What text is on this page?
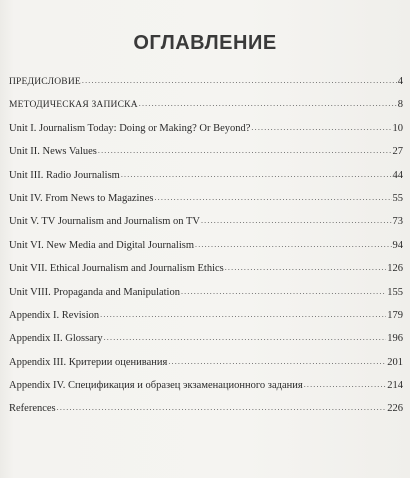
ОГЛАВЛЕНИЕ
ПРЕДИСЛОВИЕ .....	4
МЕТОДИЧЕСКАЯ ЗАПИСКА .....	8
Unit I. Journalism Today: Doing or Making? Or Beyond? .....	10
Unit II. News Values .....	27
Unit III. Radio Journalism .....	44
Unit IV. From News to Magazines .....	55
Unit V. TV Journalism and Journalism on TV .....	73
Unit VI. New Media and Digital Journalism .....	94
Unit VII. Ethical Journalism and Journalism Ethics .....	126
Unit VIII. Propaganda and Manipulation .....	155
Appendix I. Revision .....	179
Appendix II. Glossary .....	196
Appendix III. Критерии оценивания .....	201
Appendix IV. Спецификация и образец экзаменационного задания .....	214
References .....	226
